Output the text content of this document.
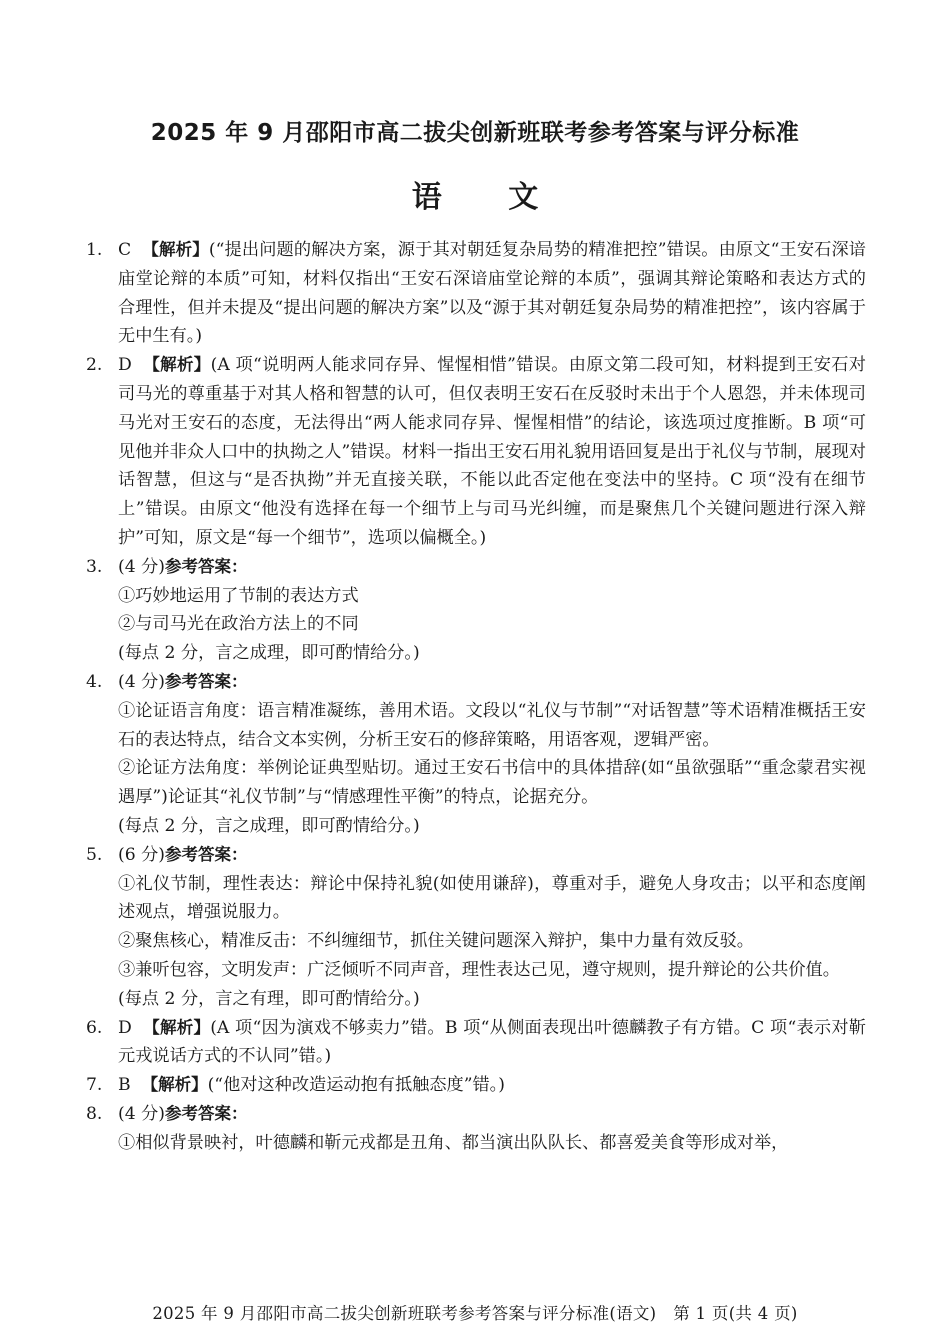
2025 年 9 月邵阳市高二拔尖创新班联考参考答案与评分标准
语 文
1. C 【解析】(“提出问题的解决方案，源于其对朝廷复杂局势的精准把控”错误。由原文“王安石深谙庙堂论辩的本质”可知，材料仅指出“王安石深谙庙堂论辩的本质”，强调其辩论策略和表达方式的合理性，但并未提及“提出问题的解决方案”以及“源于其对朝廷复杂局势的精准把控”，该内容属于无中生有。)
2. D 【解析】(A 项“说明两人能求同存异、惺惺相惜”错误。由原文第二段可知，材料提到王安石对司马光的尊重基于对其人格和智慧的认可，但仅表明王安石在反驳时未出于个人恩怨，并未体现司马光对王安石的态度，无法得出“两人能求同存异、惺惺相惜”的结论，该选项过度推断。B 项“可见他并非众人口中的执拗之人”错误。材料一指出王安石用礼貌用语回复是出于礼仪与节制，展现对话智慧，但这与“是否执拗”并无直接关联，不能以此否定他在变法中的坚持。C 项“没有在细节上”错误。由原文“他没有选择在每一个细节上与司马光纠缠，而是聚焦几个关键问题进行深入辩护”可知，原文是“每一个细节”，选项以偏概全。)
3. (4 分)参考答案：
①巧妙地运用了节制的表达方式
②与司马光在政治方法上的不同
(每点 2 分，言之成理，即可酌情给分。)
4. (4 分)参考答案：
①论证语言角度：语言精准凝练，善用术语。文段以“礼仪与节制”“对话智慧”等术语精准概括王安石的表达特点，结合文本实例，分析王安石的修辞策略，用语客观，逻辑严密。
②论证方法角度：举例论证典型贴切。通过王安石书信中的具体措辞(如“虽欲强聒”“重念蒙君实视遇厚”)论证其“礼仪节制”与“情感理性平衡”的特点，论据充分。
(每点 2 分，言之成理，即可酌情给分。)
5. (6 分)参考答案：
①礼仪节制，理性表达：辩论中保持礼貌(如使用谦辞)，尊重对手，避免人身攻击；以平和态度阐述观点，增强说服力。
②聚焦核心，精准反击：不纠缠细节，抓住关键问题深入辩护，集中力量有效反驳。
③兼听包容，文明发声：广泛倾听不同声音，理性表达己见，遵守规则，提升辩论的公共价值。
(每点 2 分，言之有理，即可酌情给分。)
6. D 【解析】(A 项“因为演戏不够卖力”错。B 项“从侧面表现出叶德麟教子有方错。C 项“表示对靳元戎说话方式的不认同”错。)
7. B 【解析】(“他对这种改造运动抱有抵触态度”错。)
8. (4 分)参考答案：
①相似背景映衬，叶德麟和靳元戎都是丑角、都当演出队队长、都喜爱美食等形成对举，
2025 年 9 月邵阳市高二拔尖创新班联考参考答案与评分标准(语文)　第 1 页(共 4 页)
